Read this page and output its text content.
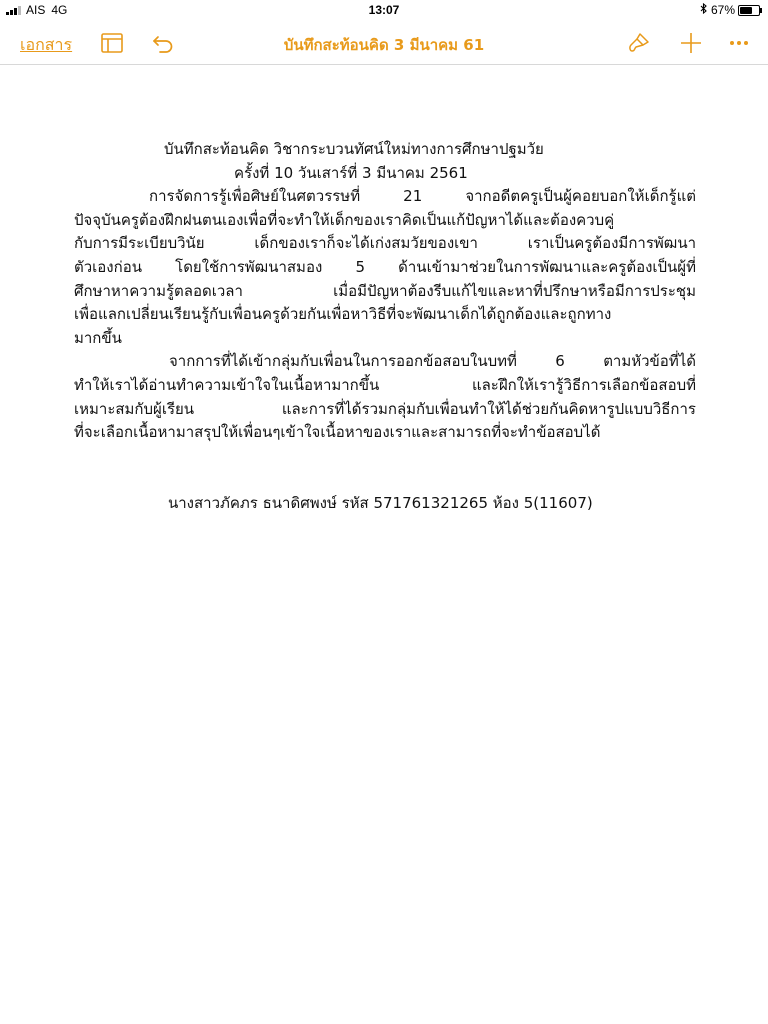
AIS 4G	13:07	67%
เอกสาร	บันทึกสะท้อนคิด 3 มีนาคม 61
บันทึกสะท้อนคิด วิชากระบวนทัศน์ใหม่ทางการศึกษาปฐมวัย
ครั้งที่ 10 วันเสาร์ที่ 3 มีนาคม 2561
การจัดการรู้เพื่อศิษย์ในศตวรรษที่ 21 จากอดีตครูเป็นผู้คอยบอกให้เด็กรู้แต่
ปัจจุบันครูต้องฝึกฝนตนเองเพื่อที่จะทำให้เด็กของเราคิดเป็นแก้ปัญหาได้และต้องควบคู่
กับการมีระเบียบวินัย เด็กของเราก็จะได้เก่งสมวัยของเขา เราเป็นครูต้องมีการพัฒนา
ตัวเองก่อน โดยใช้การพัฒนาสมอง 5 ด้านเข้ามาช่วยในการพัฒนาและครูต้องเป็นผู้ที่
ศึกษาหาความรู้ตลอดเวลา เมื่อมีปัญหาต้องรีบแก้ไขและหาที่ปรึกษาหรือมีการประชุม
เพื่อแลกเปลี่ยนเรียนรู้กับเพื่อนครูด้วยกันเพื่อหาวิธีที่จะพัฒนาเด็กได้ถูกต้องและถูกทาง
มากขึ้น
จากการที่ได้เข้ากลุ่มกับเพื่อนในการออกข้อสอบในบทที่ 6 ตามหัวข้อที่ได้
ทำให้เราได้อ่านทำความเข้าใจในเนื้อหามากขึ้น และฝึกให้เรารู้วิธีการเลือกข้อสอบที่
เหมาะสมกับผู้เรียน และการที่ได้รวมกลุ่มกับเพื่อนทำให้ได้ช่วยกันคิดหารูปแบบวิธีการ
ที่จะเลือกเนื้อหามาสรุปให้เพื่อนๆเข้าใจเนื้อหาของเราและสามารถที่จะทำข้อสอบได้
นางสาวภัคภร ธนาดิศพงษ์ รหัส 571761321265 ห้อง 5(11607)
